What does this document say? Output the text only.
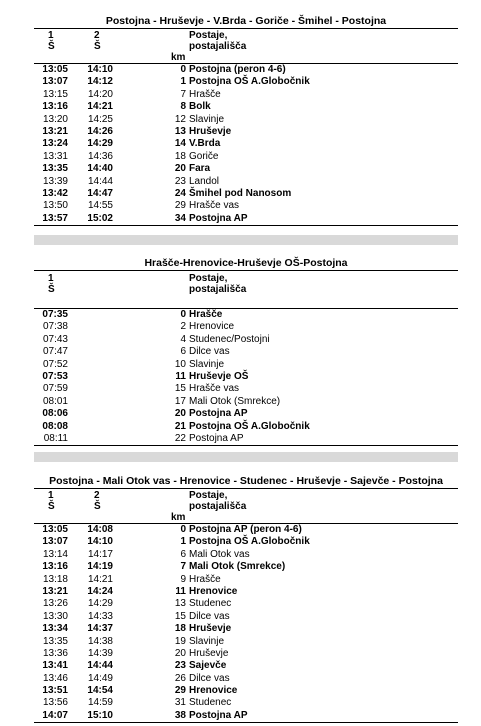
Postojna - Hruševje - V.Brda - Goriče - Šmihel - Postojna
1
Š
2
Š
km
Postaje,
postajališča
13:05	14:10	0 Postojna (peron 4-6)
13:07	14:12	1 Postojna OŠ A.Globočnik
13:15	14:20	7 Hrašče
13:16	14:21	8 Bolk
13:20	14:25	12 Slavinje
13:21	14:26	13 Hruševje
13:24	14:29	14 V.Brda
13:31	14:36	18 Goriče
13:35	14:40	20 Fara
13:39	14:44	23 Landol
13:42	14:47	24 Šmihel pod Nanosom
13:50	14:55	29 Hrašče vas
13:57	15:02	34 Postojna AP
Hrašče-Hrenovice-Hruševje OŠ-Postojna
1
Š
Postaje,
postajališča
07:35	0 Hrašče
07:38	2 Hrenovice
07:43	4 Studenec/Postojni
07:47	6 Dilce vas
07:52	10 Slavinje
07:53	11 Hruševje OŠ
07:59	15 Hrašče vas
08:01	17 Mali Otok (Smrekce)
08:06	20 Postojna AP
08:08	21 Postojna OŠ A.Globočnik
08:11	22 Postojna AP
Postojna - Mali Otok vas - Hrenovice - Studenec - Hruševje - Sajevče - Postojna
1
Š
2
Š
km
Postaje,
postajališča
13:05	14:08	0 Postojna AP (peron 4-6)
13:07	14:10	1 Postojna OŠ A.Globočnik
13:14	14:17	6 Mali Otok vas
13:16	14:19	7 Mali Otok (Smrekce)
13:18	14:21	9 Hrašče
13:21	14:24	11 Hrenovice
13:26	14:29	13 Studenec
13:30	14:33	15 Dilce vas
13:34	14:37	18 Hruševje
13:35	14:38	19 Slavinje
13:36	14:39	20 Hruševje
13:41	14:44	23 Sajevče
13:46	14:49	26 Dilce vas
13:51	14:54	29 Hrenovice
13:56	14:59	31 Studenec
14:07	15:10	38 Postojna AP
